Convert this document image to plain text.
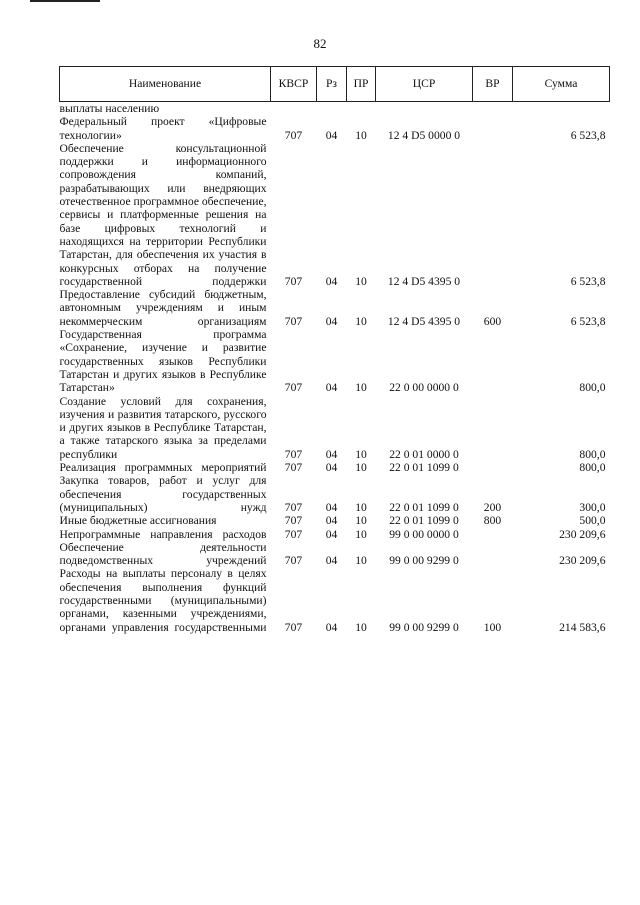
82
Наименование	КВСР	Рз	ПР	ЦСР	ВР	Сумма
выплаты населению						
Федеральный проект «Цифровые технологии»	707	04	10	12 4 D5 0000 0		6 523,8
Обеспечение консультационной поддержки и информационного сопровождения компаний, разрабатывающих или внедряющих отечественное программное обеспечение, сервисы и платформенные решения на базе цифровых технологий и находящихся на территории Республики Татарстан, для обеспечения их участия в конкурсных отборах на получение государственной поддержки	707	04	10	12 4 D5 4395 0		6 523,8
Предоставление субсидий бюджетным, автономным учреждениям и иным некоммерческим организациям	707	04	10	12 4 D5 4395 0	600	6 523,8
Государственная программа «Сохранение, изучение и развитие государственных языков Республики Татарстан и других языков в Республике Татарстан»	707	04	10	22 0 00 0000 0		800,0
Создание условий для сохранения, изучения и развития татарского, русского и других языков в Республике Татарстан, а также татарского языка за пределами республики	707	04	10	22 0 01 0000 0		800,0
Реализация программных мероприятий	707	04	10	22 0 01 1099 0		800,0
Закупка товаров, работ и услуг для обеспечения государственных (муниципальных) нужд	707	04	10	22 0 01 1099 0	200	300,0
Иные бюджетные ассигнования	707	04	10	22 0 01 1099 0	800	500,0
Непрограммные направления расходов	707	04	10	99 0 00 0000 0		230 209,6
Обеспечение деятельности подведомственных учреждений	707	04	10	99 0 00 9299 0		230 209,6
Расходы на выплаты персоналу в целях обеспечения выполнения функций государственными (муниципальными) органами, казенными учреждениями, органами управления государственными	707	04	10	99 0 00 9299 0	100	214 583,6
